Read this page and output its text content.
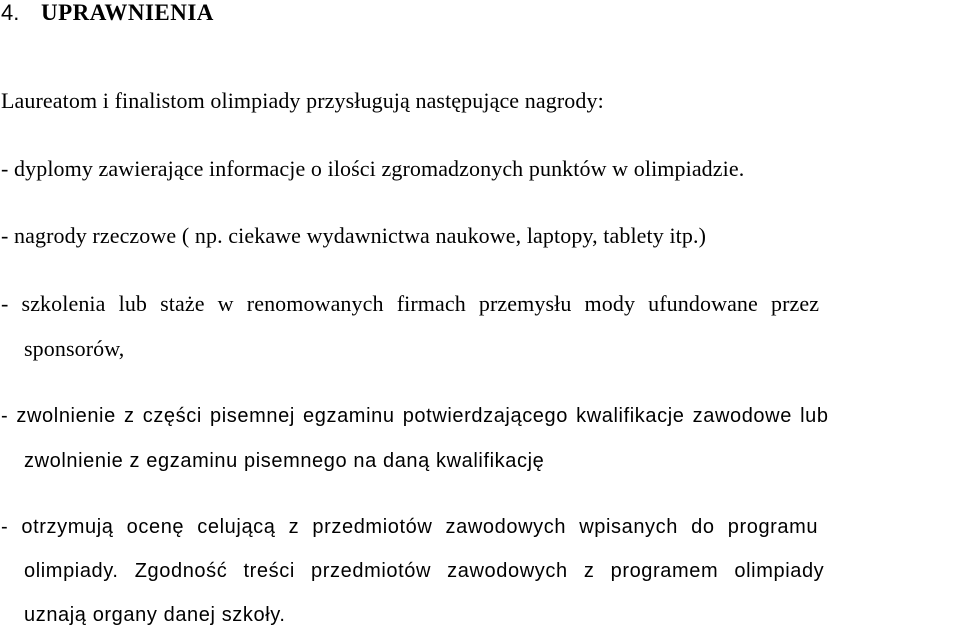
4. UPRAWNIENIA
Laureatom i finalistom olimpiady przysługują następujące nagrody:
- dyplomy zawierające informacje o ilości zgromadzonych punktów w olimpiadzie.
- nagrody rzeczowe ( np. ciekawe wydawnictwa naukowe, laptopy, tablety itp.)
- szkolenia lub staże w renomowanych firmach przemysłu mody ufundowane przez
sponsorów,
- zwolnienie z części pisemnej egzaminu potwierdzającego kwalifikacje zawodowe lub
zwolnienie z egzaminu pisemnego na daną kwalifikację
- otrzymują ocenę celującą z przedmiotów zawodowych wpisanych do programu
olimpiady. Zgodność treści przedmiotów zawodowych z programem olimpiady
uznają organy danej szkoły.
